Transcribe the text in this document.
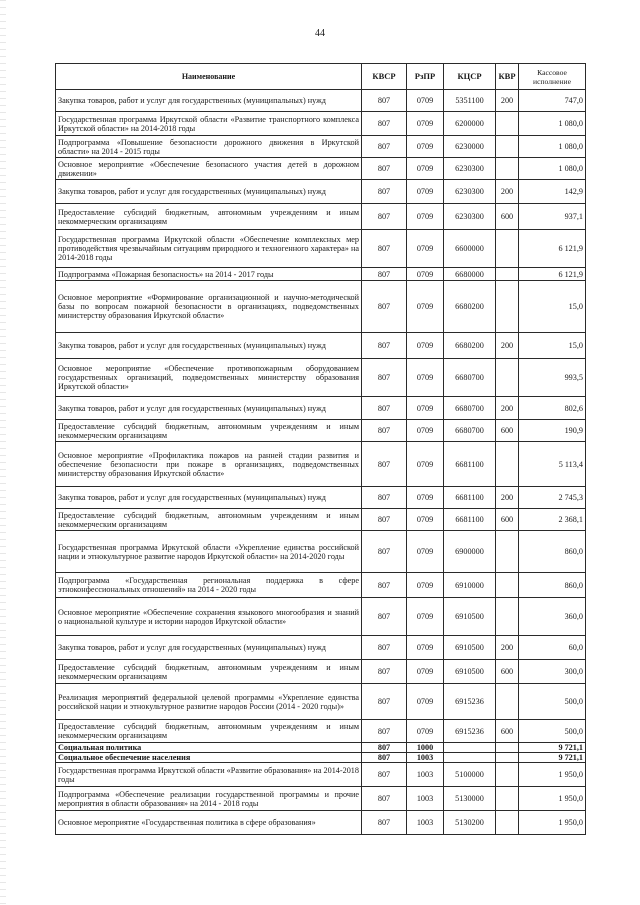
44
Наименование	КВСР	РзПР	КЦСР	КВР	Кассовое исполнение
Закупка товаров, работ и услуг для государственных (муниципальных) нужд	807	0709	5351100	200	747,0
Государственная программа Иркутской области «Развитие транспортного комплекса Иркутской области» на 2014-2018 годы	807	0709	6200000		1 080,0
Подпрограмма «Повышение безопасности дорожного движения в Иркутской области» на 2014 - 2015 годы	807	0709	6230000		1 080,0
Основное мероприятие «Обеспечение безопасного участия детей в дорожном движении»	807	0709	6230300		1 080,0
Закупка товаров, работ и услуг для государственных (муниципальных) нужд	807	0709	6230300	200	142,9
Предоставление субсидий бюджетным, автономным учреждениям и иным некоммерческим организациям	807	0709	6230300	600	937,1
Государственная программа Иркутской области «Обеспечение комплексных мер противодействия чрезвычайным ситуациям природного и техногенного характера» на 2014-2018 годы	807	0709	6600000		6 121,9
Подпрограмма «Пожарная безопасность» на 2014 - 2017 годы	807	0709	6680000		6 121,9
Основное мероприятие «Формирование организационной и научно-методической базы по вопросам пожарной безопасности в организациях, подведомственных министерству образования Иркутской области»	807	0709	6680200		15,0
Закупка товаров, работ и услуг для государственных (муниципальных) нужд	807	0709	6680200	200	15,0
Основное мероприятие «Обеспечение противопожарным оборудованием государственных организаций, подведомственных министерству образования Иркутской области»	807	0709	6680700		993,5
Закупка товаров, работ и услуг для государственных (муниципальных) нужд	807	0709	6680700	200	802,6
Предоставление субсидий бюджетным, автономным учреждениям и иным некоммерческим организациям	807	0709	6680700	600	190,9
Основное мероприятие «Профилактика пожаров на ранней стадии развития и обеспечение безопасности при пожаре в организациях, подведомственных министерству образования Иркутской области»	807	0709	6681100		5 113,4
Закупка товаров, работ и услуг для государственных (муниципальных) нужд	807	0709	6681100	200	2 745,3
Предоставление субсидий бюджетным, автономным учреждениям и иным некоммерческим организациям	807	0709	6681100	600	2 368,1
Государственная программа Иркутской области «Укрепление единства российской нации и этнокультурное развитие народов Иркутской области» на 2014-2020 годы	807	0709	6900000		860,0
Подпрограмма «Государственная региональная поддержка в сфере этноконфессиональных отношений» на 2014 - 2020 годы	807	0709	6910000		860,0
Основное мероприятие «Обеспечение сохранения языкового многообразия и знаний о национальной культуре и истории народов Иркутской области»	807	0709	6910500		360,0
Закупка товаров, работ и услуг для государственных (муниципальных) нужд	807	0709	6910500	200	60,0
Предоставление субсидий бюджетным, автономным учреждениям и иным некоммерческим организациям	807	0709	6910500	600	300,0
Реализация мероприятий федеральной целевой программы «Укрепление единства российской нации и этнокультурное развитие народов России (2014 - 2020 годы)»	807	0709	6915236		500,0
Предоставление субсидий бюджетным, автономным учреждениям и иным некоммерческим организациям	807	0709	6915236	600	500,0
Социальная политика	807	1000			9 721,1
Социальное обеспечение населения	807	1003			9 721,1
Государственная программа Иркутской области «Развитие образования» на 2014-2018 годы	807	1003	5100000		1 950,0
Подпрограмма «Обеспечение реализации государственной программы и прочие мероприятия в области образования» на 2014 - 2018 годы	807	1003	5130000		1 950,0
Основное мероприятие «Государственная политика в сфере образования»	807	1003	5130200		1 950,0
